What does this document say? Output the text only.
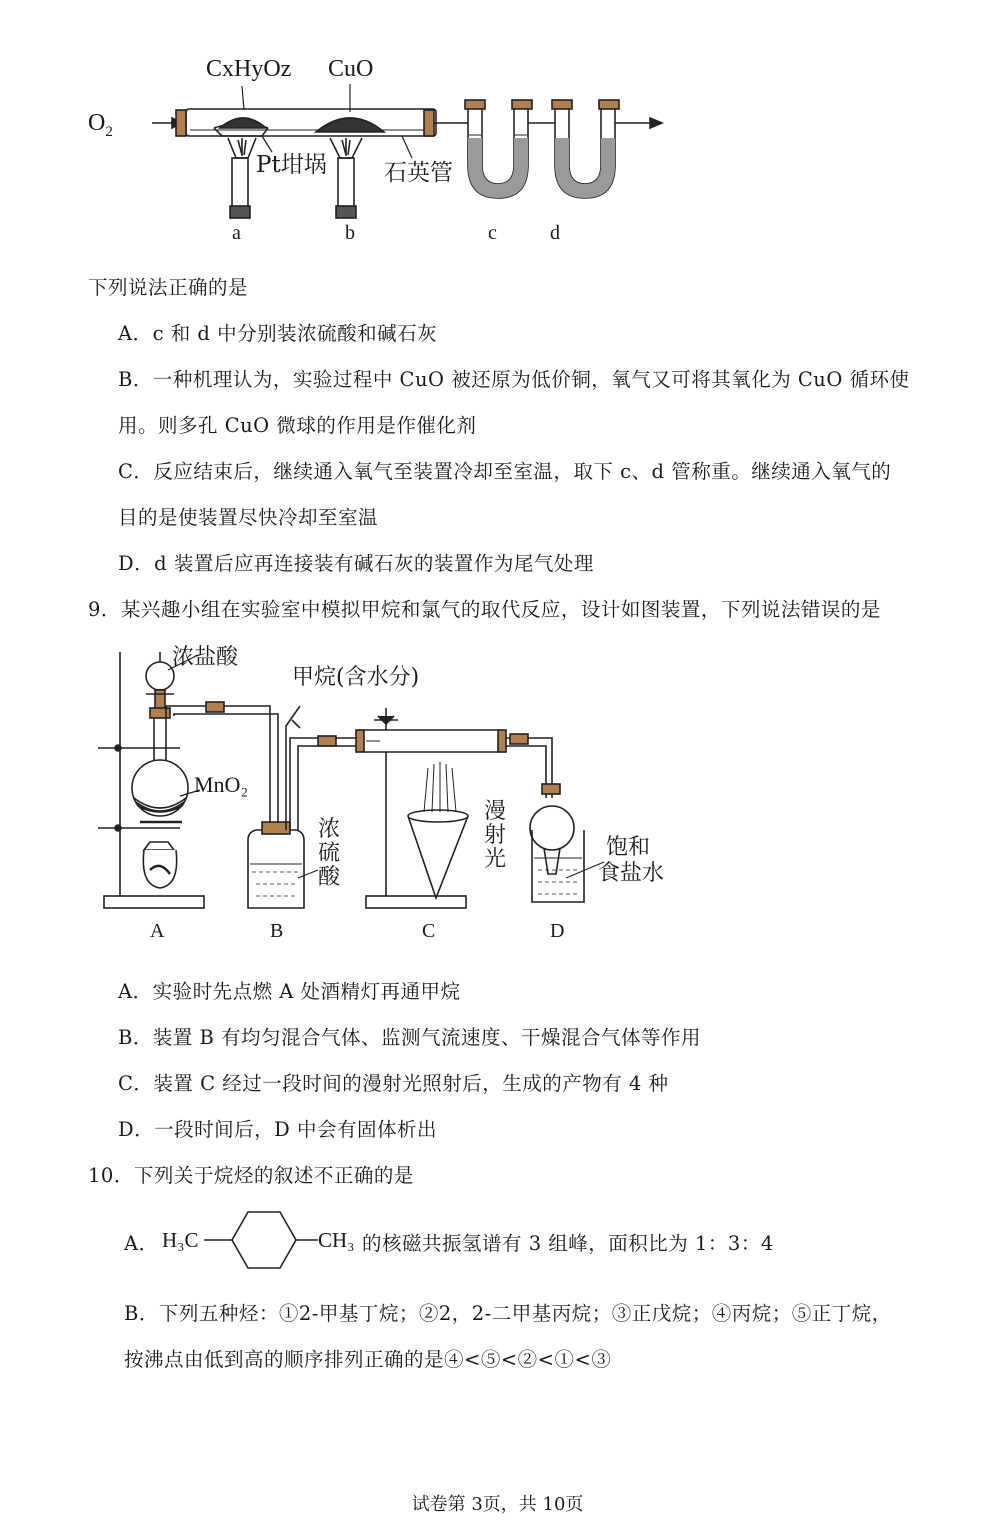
$O_2$
CxHyOz CuO
Pt坩埚 石英管
a	b	c	d
下列说法正确的是
A．c 和 d 中分别装浓硫酸和碱石灰
B．一种机理认为，实验过程中 CuO 被还原为低价铜，氧气又可将其氧化为 CuO 循环使
用。则多孔 CuO 微球的作用是作催化剂
C．反应结束后，继续通入氧气至装置冷却至室温，取下 c、d 管称重。继续通入氧气的
目的是使装置尽快冷却至室温
D．d 装置后应再连接装有碱石灰的装置作为尾气处理
9．某兴趣小组在实验室中模拟甲烷和氯气的取代反应，设计如图装置，下列说法错误的是
浓盐酸
甲烷(含水分)
MnO₂
浓
硫
酸
漫
射
光	饱和
食盐水
A	B	C	D
A．实验时先点燃 A 处酒精灯再通甲烷
B．装置 B 有均匀混合气体、监测气流速度、干燥混合气体等作用
C．装置 C 经过一段时间的漫射光照射后，生成的产物有 4 种
D．一段时间后，D 中会有固体析出
10．下列关于烷烃的叙述不正确的是
A． H₃C	CH₃ 的核磁共振氢谱有 3 组峰，面积比为 1：3：4
B．下列五种烃：①2-甲基丁烷；②2，2-二甲基丙烷；③正戊烷；④丙烷；⑤正丁烷，
按沸点由低到高的顺序排列正确的是④<⑤<②<①<③
试卷第 3页，共 10页
